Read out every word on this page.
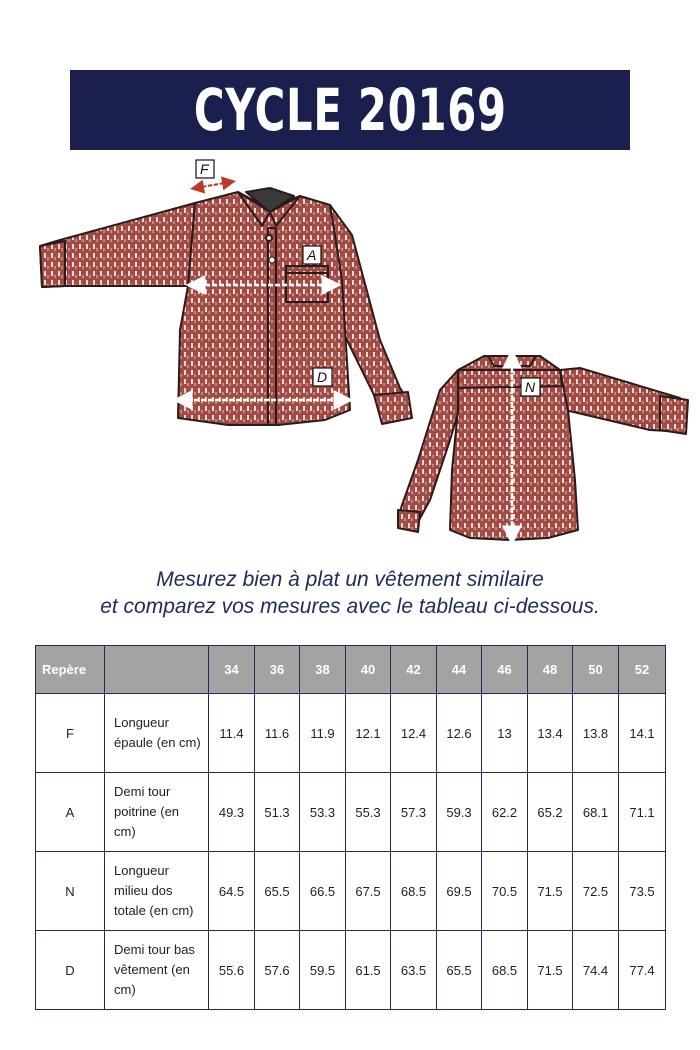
CYCLE 20169
F
A
D
N
Mesurez bien à plat un vêtement similaire
et comparez vos mesures avec le tableau ci-dessous.
Repère		34	36	38	40	42	44	46	48	50	52
F	Longueur épaule (en cm)	11.4	11.6	11.9	12.1	12.4	12.6	13	13.4	13.8	14.1
A	Demi tour poitrine (en cm)	49.3	51.3	53.3	55.3	57.3	59.3	62.2	65.2	68.1	71.1
N	Longueur milieu dos totale (en cm)	64.5	65.5	66.5	67.5	68.5	69.5	70.5	71.5	72.5	73.5
D	Demi tour bas vêtement (en cm)	55.6	57.6	59.5	61.5	63.5	65.5	68.5	71.5	74.4	77.4
